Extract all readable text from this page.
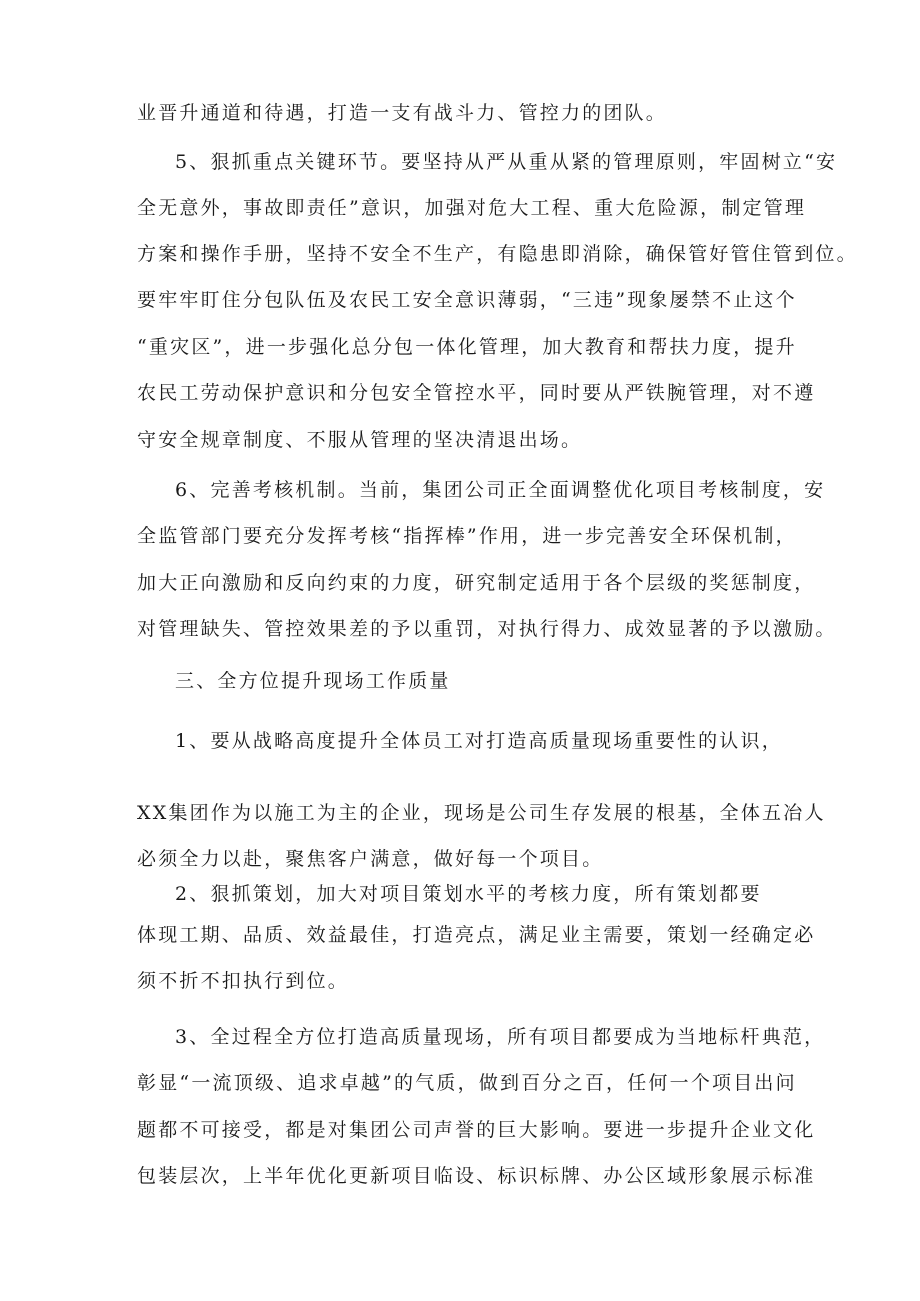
业晋升通道和待遇，打造一支有战斗力、管控力的团队。

5、狠抓重点关键环节。要坚持从严从重从紧的管理原则，牢固树立“安

全无意外，事故即责任”意识，加强对危大工程、重大危险源，制定管理

方案和操作手册，坚持不安全不生产，有隐患即消除，确保管好管住管到位。

要牢牢盯住分包队伍及农民工安全意识薄弱，“三违”现象屡禁不止这个

“重灾区”，进一步强化总分包一体化管理，加大教育和帮扶力度，提升

农民工劳动保护意识和分包安全管控水平，同时要从严铁腕管理，对不遵

守安全规章制度、不服从管理的坚决清退出场。

6、完善考核机制。当前，集团公司正全面调整优化项目考核制度，安

全监管部门要充分发挥考核“指挥棒”作用，进一步完善安全环保机制，

加大正向激励和反向约束的力度，研究制定适用于各个层级的奖惩制度，

对管理缺失、管控效果差的予以重罚，对执行得力、成效显著的予以激励。

三、全方位提升现场工作质量

1、要从战略高度提升全体员工对打造高质量现场重要性的认识，

XX集团作为以施工为主的企业，现场是公司生存发展的根基，全体五冶人

必须全力以赴，聚焦客户满意，做好每一个项目。

2、狠抓策划，加大对项目策划水平的考核力度，所有策划都要

体现工期、品质、效益最佳，打造亮点，满足业主需要，策划一经确定必

须不折不扣执行到位。

3、全过程全方位打造高质量现场，所有项目都要成为当地标杆典范，

彰显“一流顶级、追求卓越”的气质，做到百分之百，任何一个项目出问

题都不可接受，都是对集团公司声誉的巨大影响。要进一步提升企业文化

包装层次，上半年优化更新项目临设、标识标牌、办公区域形象展示标准
